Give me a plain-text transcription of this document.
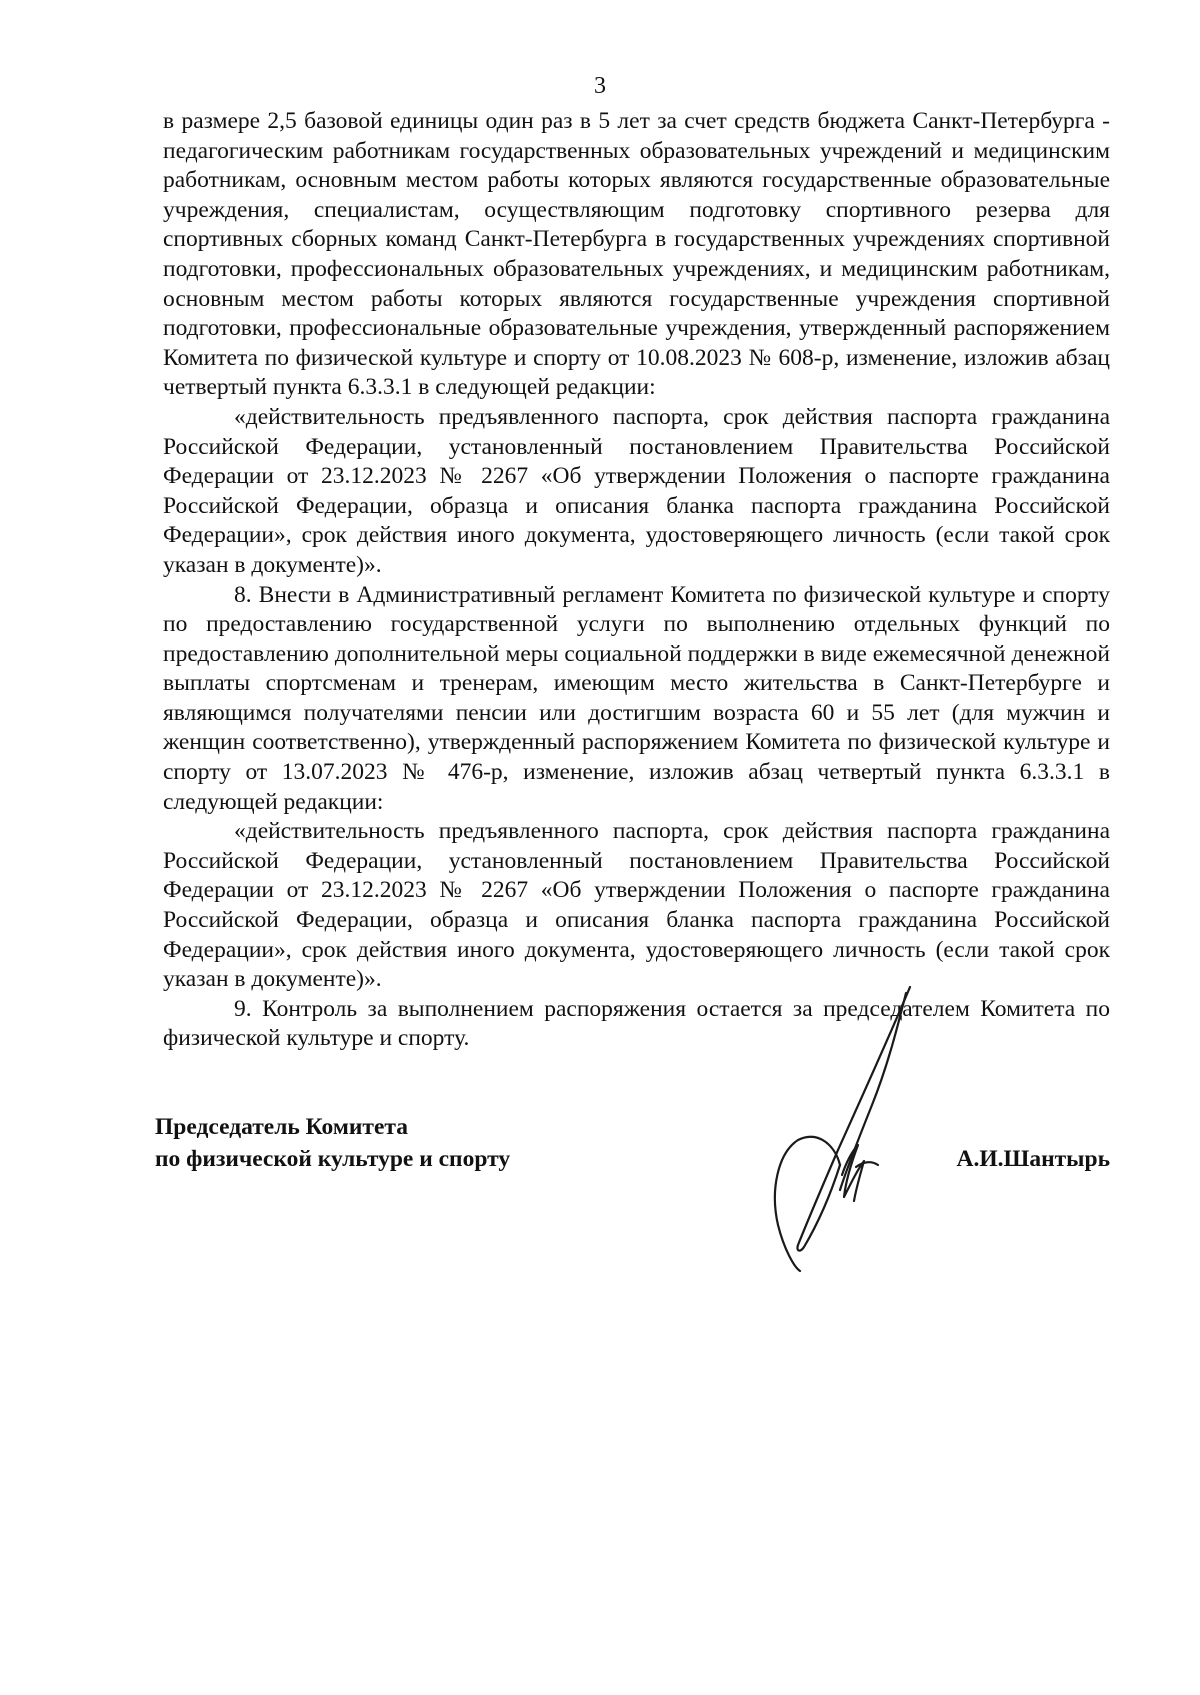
3

в размере 2,5 базовой единицы один раз в 5 лет за счет средств бюджета Санкт-Петербурга - педагогическим работникам государственных образовательных учреждений и медицинским работникам, основным местом работы которых являются государственные образовательные учреждения, специалистам, осуществляющим подготовку спортивного резерва для спортивных сборных команд Санкт-Петербурга в государственных учреждениях спортивной подготовки, профессиональных образовательных учреждениях, и медицинским работникам, основным местом работы которых являются государственные учреждения спортивной подготовки, профессиональные образовательные учреждения, утвержденный распоряжением Комитета по физической культуре и спорту от 10.08.2023 № 608-р, изменение, изложив абзац четвертый пункта 6.3.3.1 в следующей редакции:

«действительность предъявленного паспорта, срок действия паспорта гражданина Российской Федерации, установленный постановлением Правительства Российской Федерации от 23.12.2023 № 2267 «Об утверждении Положения о паспорте гражданина Российской Федерации, образца и описания бланка паспорта гражданина Российской Федерации», срок действия иного документа, удостоверяющего личность (если такой срок указан в документе)».

8. Внести в Административный регламент Комитета по физической культуре и спорту по предоставлению государственной услуги по выполнению отдельных функций по предоставлению дополнительной меры социальной поддержки в виде ежемесячной денежной выплаты спортсменам и тренерам, имеющим место жительства в Санкт-Петербурге и являющимся получателями пенсии или достигшим возраста 60 и 55 лет (для мужчин и женщин соответственно), утвержденный распоряжением Комитета по физической культуре и спорту от 13.07.2023 № 476-р, изменение, изложив абзац четвертый пункта 6.3.3.1 в следующей редакции:

«действительность предъявленного паспорта, срок действия паспорта гражданина Российской Федерации, установленный постановлением Правительства Российской Федерации от 23.12.2023 № 2267 «Об утверждении Положения о паспорте гражданина Российской Федерации, образца и описания бланка паспорта гражданина Российской Федерации», срок действия иного документа, удостоверяющего личность (если такой срок указан в документе)».

9. Контроль за выполнением распоряжения остается за председателем Комитета по физической культуре и спорту.

Председатель Комитета
по физической культуре и спорту	А.И.Шантырь
